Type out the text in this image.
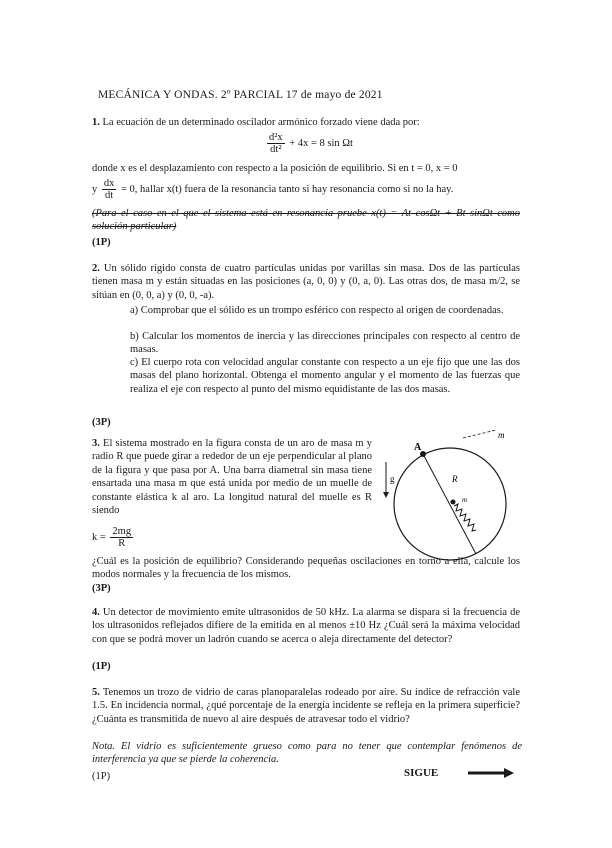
MECÁNICA Y ONDAS. 2º PARCIAL 17 de mayo de 2021
1. La ecuación de un determinado oscilador armónico forzado viene dada por:
$\frac{\text{d²x}}{\text{dt²}} + 4x = 8$ sin Ωt
donde x es el desplazamiento con respecto a la posición de equilibrio. Si en t = 0, x = 0
y $\frac{dx}{dt} = 0$, hallar x(t) fuera de la resonancia tanto si hay resonancia como si no la hay.
(Para el caso en el que el sistema está en resonancia pruebe x(t) = At cosΩt + Bt sinΩt como solución particular)
(1P)
2. Un sólido rígido consta de cuatro partículas unidas por varillas sin masa. Dos de las partículas tienen masa m y están situadas en las posiciones (a, 0, 0) y (0, a, 0). Las otras dos, de masa m/2, se sitúan en (0, 0, a) y (0, 0, -a).
a) Comprobar que el sólido es un trompo esférico con respecto al origen de coordenadas.
b) Calcular los momentos de inercia y las direcciones principales con respecto al centro de masas.
c) El cuerpo rota con velocidad angular constante con respecto a un eje fijo que une las dos masas del plano horizontal. Obtenga el momento angular y el momento de las fuerzas que realiza el eje con respecto al punto del mismo equidistante de las dos masas.
(3P)
3. El sistema mostrado en la figura consta de un aro de masa m y radio R que puede girar a rededor de un eje perpendicular al plano de la figura y que pasa por A. Una barra diametral sin masa tiene ensartada una masa m que está unida por medio de un muelle de constante elástica k al aro. La longitud natural del muelle es R siendo
$k = \frac{2mg}{R}$
¿Cuál es la posición de equilibrio? Considerando pequeñas oscilaciones en torno a ella, calcule los modos normales y la frecuencia de los mismos.
(3P)
A
m
R
g
m
4. Un detector de movimiento emite ultrasonidos de 50 kHz. La alarma se dispara si la frecuencia de los ultrasonidos reflejados difiere de la emitida en al menos ±10 Hz ¿Cuál será la máxima velocidad con que se podrá mover un ladrón cuando se acerca o aleja directamente del detector?
(1P)
5. Tenemos un trozo de vidrio de caras planoparalelas rodeado por aire. Su índice de refracción vale 1.5. En incidencia normal, ¿qué porcentaje de la energía incidente se refleja en la primera superficie? ¿Cuánta es transmitida de nuevo al aire después de atravesar todo el vidrio?
Nota. El vidrio es suficientemente grueso como para no tener que contemplar fenómenos de interferencia ya que se pierde la coherencia.
(1P)	SIGUE
